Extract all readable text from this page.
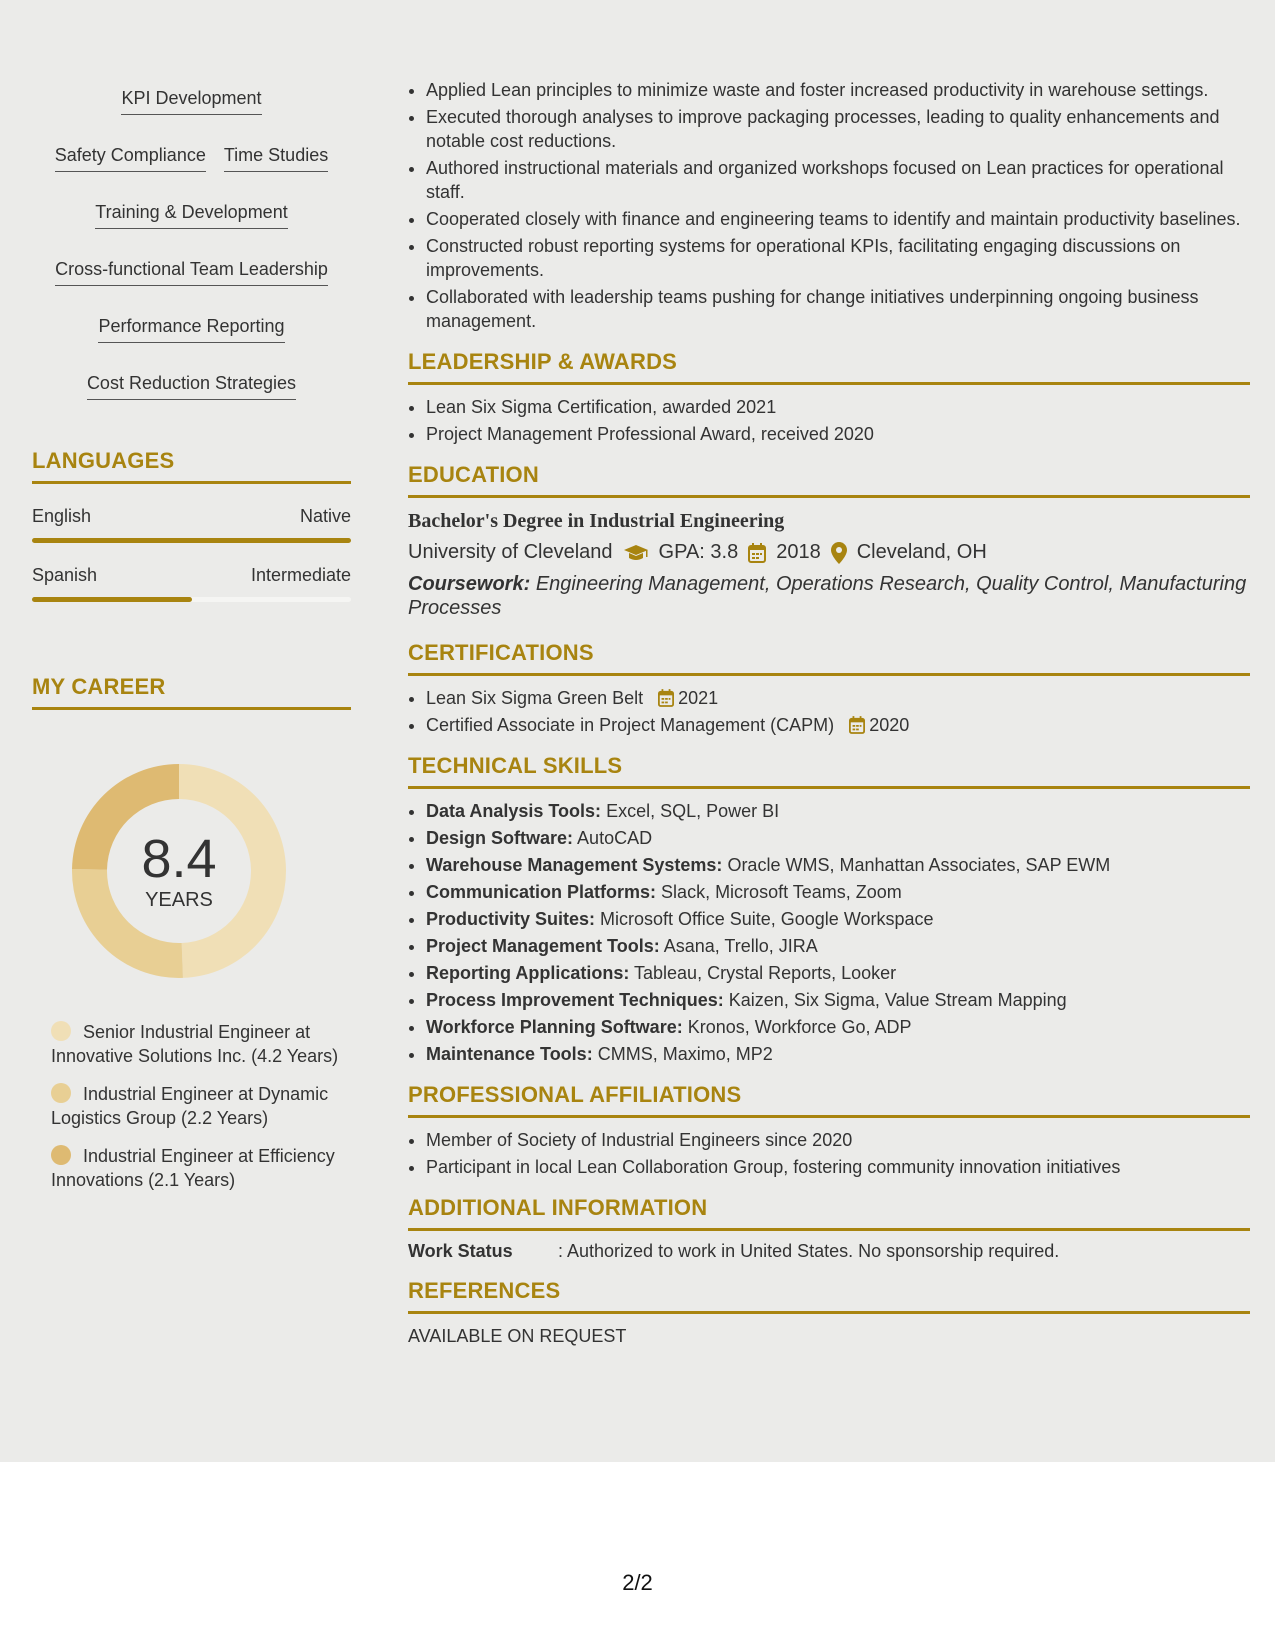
KPI Development
Safety Compliance Time Studies
Training & Development
Cross-functional Team Leadership
Performance Reporting
Cost Reduction Strategies
LANGUAGES
English	Native
Spanish	Intermediate
MY CAREER
8.4
YEARS
Senior Industrial Engineer at Innovative Solutions Inc. (4.2 Years)
Industrial Engineer at Dynamic Logistics Group (2.2 Years)
Industrial Engineer at Efficiency Innovations (2.1 Years)
• Applied Lean principles to minimize waste and foster increased productivity in warehouse settings.
• Executed thorough analyses to improve packaging processes, leading to quality enhancements and notable cost reductions.
• Authored instructional materials and organized workshops focused on Lean practices for operational staff.
• Cooperated closely with finance and engineering teams to identify and maintain productivity baselines.
• Constructed robust reporting systems for operational KPIs, facilitating engaging discussions on improvements.
• Collaborated with leadership teams pushing for change initiatives underpinning ongoing business management.
LEADERSHIP & AWARDS
• Lean Six Sigma Certification, awarded 2021
• Project Management Professional Award, received 2020
EDUCATION
Bachelor's Degree in Industrial Engineering
University of Cleveland GPA: 3.8 2018 Cleveland, OH
Coursework: Engineering Management, Operations Research, Quality Control, Manufacturing Processes
CERTIFICATIONS
• Lean Six Sigma Green Belt 2021
• Certified Associate in Project Management (CAPM) 2020
TECHNICAL SKILLS
• Data Analysis Tools: Excel, SQL, Power BI
• Design Software: AutoCAD
• Warehouse Management Systems: Oracle WMS, Manhattan Associates, SAP EWM
• Communication Platforms: Slack, Microsoft Teams, Zoom
• Productivity Suites: Microsoft Office Suite, Google Workspace
• Project Management Tools: Asana, Trello, JIRA
• Reporting Applications: Tableau, Crystal Reports, Looker
• Process Improvement Techniques: Kaizen, Six Sigma, Value Stream Mapping
• Workforce Planning Software: Kronos, Workforce Go, ADP
• Maintenance Tools: CMMS, Maximo, MP2
PROFESSIONAL AFFILIATIONS
• Member of Society of Industrial Engineers since 2020
• Participant in local Lean Collaboration Group, fostering community innovation initiatives
ADDITIONAL INFORMATION
Work Status	: Authorized to work in United States. No sponsorship required.
REFERENCES
AVAILABLE ON REQUEST
2/2
